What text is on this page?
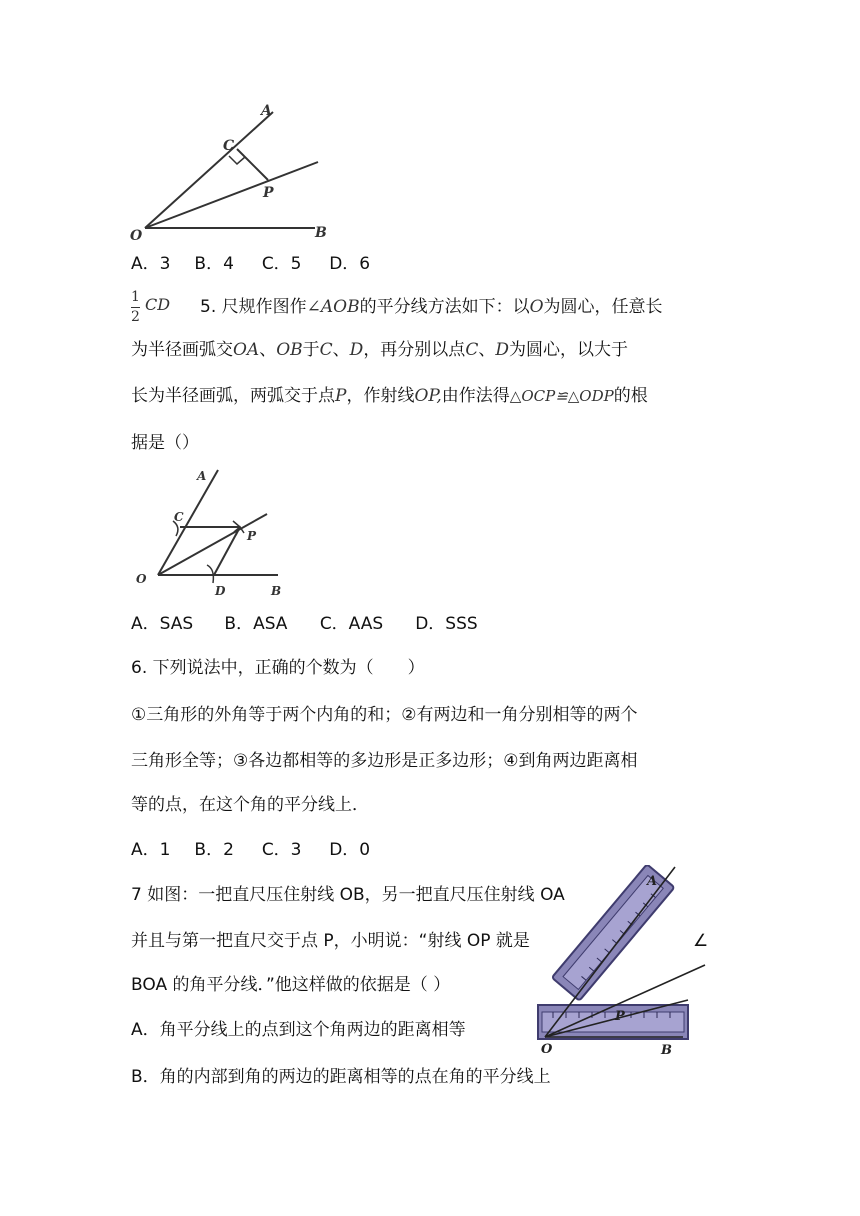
A
C
P
O	B
A．3 B．4 C．5 D．6
1
2
CD 5. 尺规作图作∠AOB的平分线方法如下：以O为圆心，任意长
为半径画弧交OA、OB于C、D，再分别以点C、D为圆心，以大于
长为半径画弧，两弧交于点P，作射线OP,由作法得△OCP≌△ODP的根
据是（）
A
C
P
O
D	B
A．SAS B．ASA C．AAS D．SSS
6. 下列说法中，正确的个数为（　　）
①三角形的外角等于两个内角的和；②有两边和一角分别相等的两个
三角形全等；③各边都相等的多边形是正多边形；④到角两边距离相
等的点，在这个角的平分线上．
A．1 B．2 C．3 D．0
7 如图：一把直尺压住射线 OB，另一把直尺压住射线 OA
并且与第一把直尺交于点 P，小明说：“射线 OP 就是	∠
BOA 的角平分线．”他这样做的依据是（ ）
A．角平分线上的点到这个角两边的距离相等
B．角的内部到角的两边的距离相等的点在角的平分线上
A
P
O	B
